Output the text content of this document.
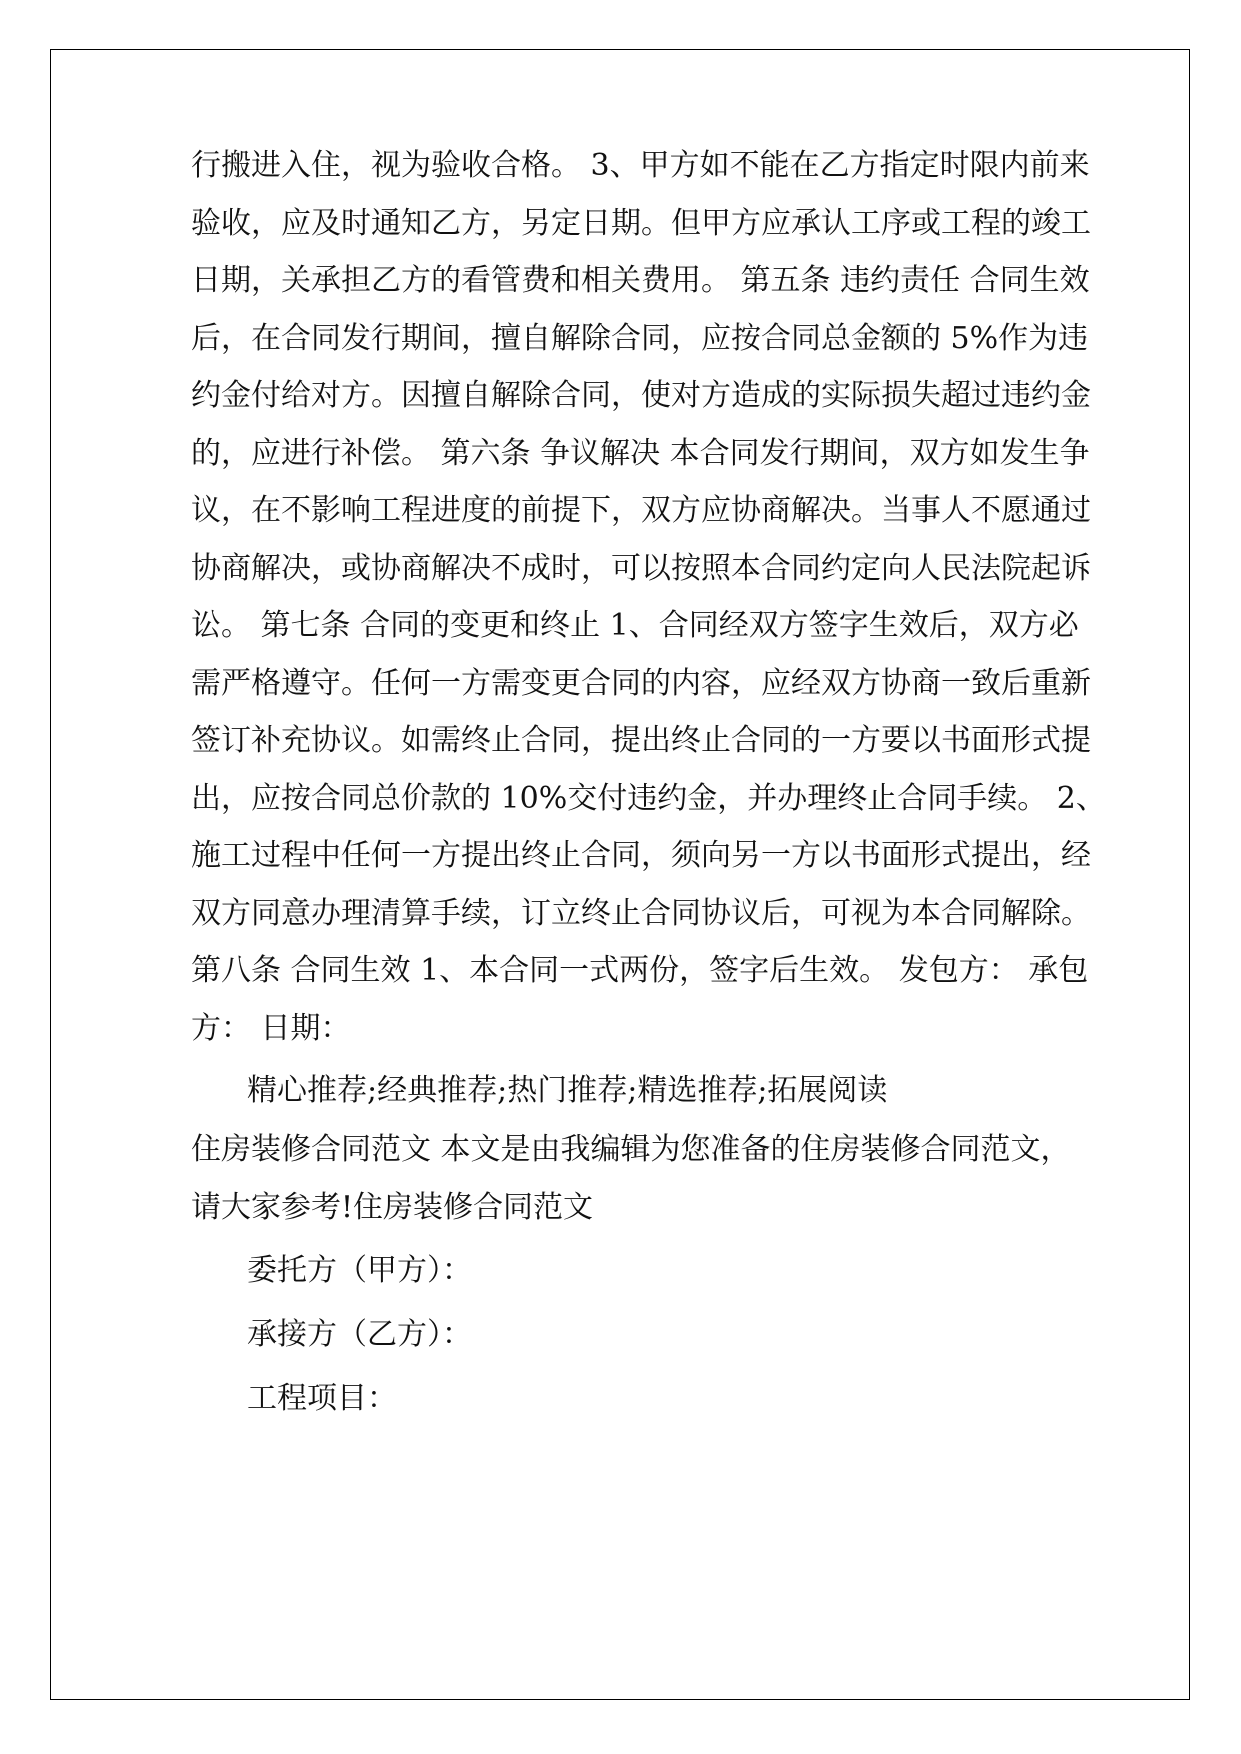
行搬进入住，视为验收合格。 3、甲方如不能在乙方指定时限内前来

验收，应及时通知乙方，另定日期。但甲方应承认工序或工程的竣工

日期，关承担乙方的看管费和相关费用。 第五条 违约责任 合同生效

后，在合同发行期间，擅自解除合同，应按合同总金额的 5%作为违

约金付给对方。因擅自解除合同，使对方造成的实际损失超过违约金

的，应进行补偿。 第六条 争议解决 本合同发行期间，双方如发生争

议，在不影响工程进度的前提下，双方应协商解决。当事人不愿通过

协商解决，或协商解决不成时，可以按照本合同约定向人民法院起诉

讼。 第七条 合同的变更和终止 1、合同经双方签字生效后，双方必

需严格遵守。任何一方需变更合同的内容，应经双方协商一致后重新

签订补充协议。如需终止合同，提出终止合同的一方要以书面形式提

出，应按合同总价款的 10%交付违约金，并办理终止合同手续。 2、

施工过程中任何一方提出终止合同，须向另一方以书面形式提出，经

双方同意办理清算手续，订立终止合同协议后，可视为本合同解除。

第八条 合同生效 1、本合同一式两份，签字后生效。 发包方： 承包

方： 日期：

精心推荐;经典推荐;热门推荐;精选推荐;拓展阅读

住房装修合同范文 本文是由我编辑为您准备的住房装修合同范文，

请大家参考!住房装修合同范文

委托方（甲方）：

承接方（乙方）：

工程项目：
